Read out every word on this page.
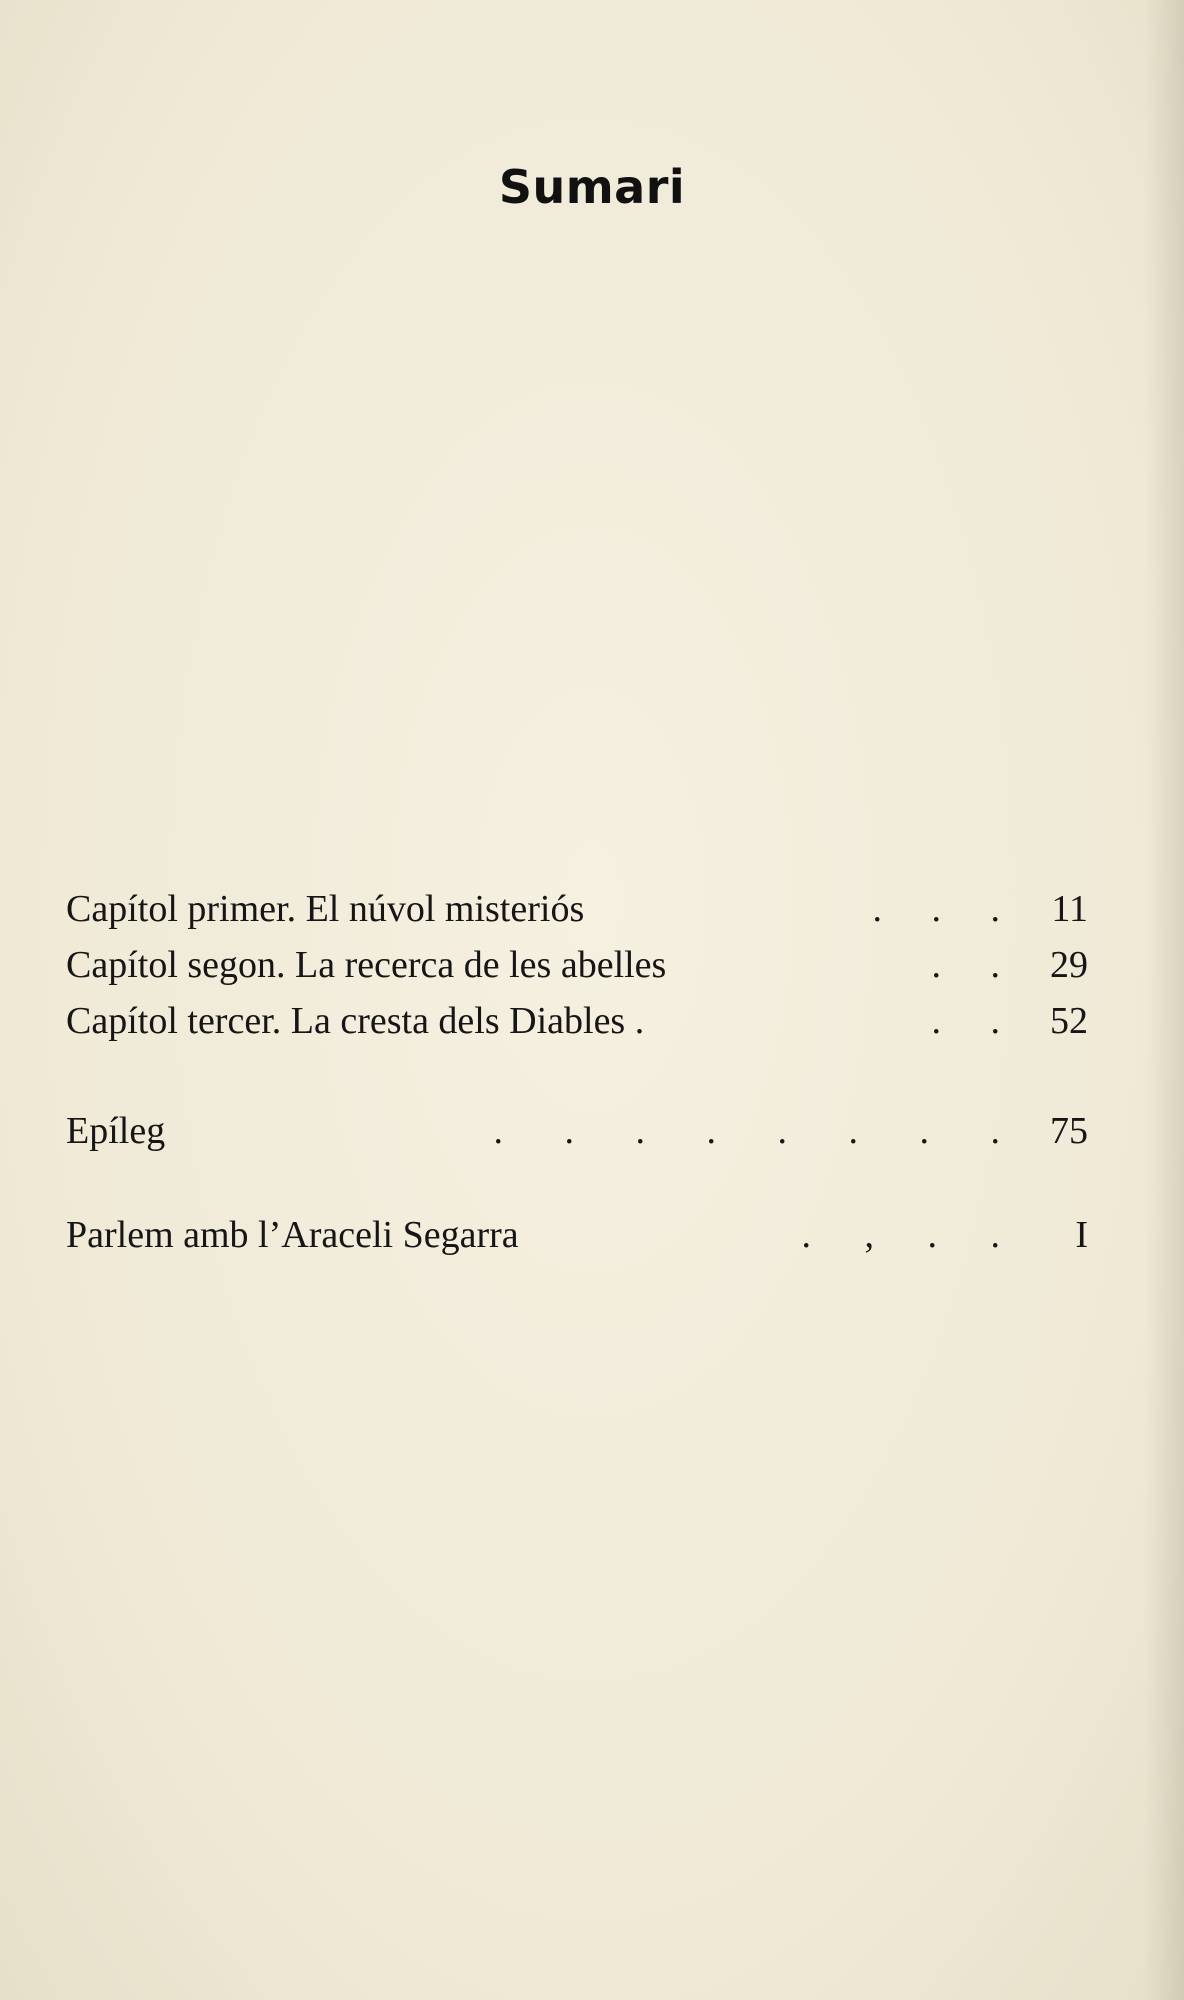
Sumari
Capítol primer. El núvol misteriós	. . .	11
Capítol segon. La recerca de les abelles	. .	29
Capítol tercer. La cresta dels Diables .	. .	52
Epíleg	. . . . . . . .	75
Parlem amb l’Araceli Segarra	. , . .	I
